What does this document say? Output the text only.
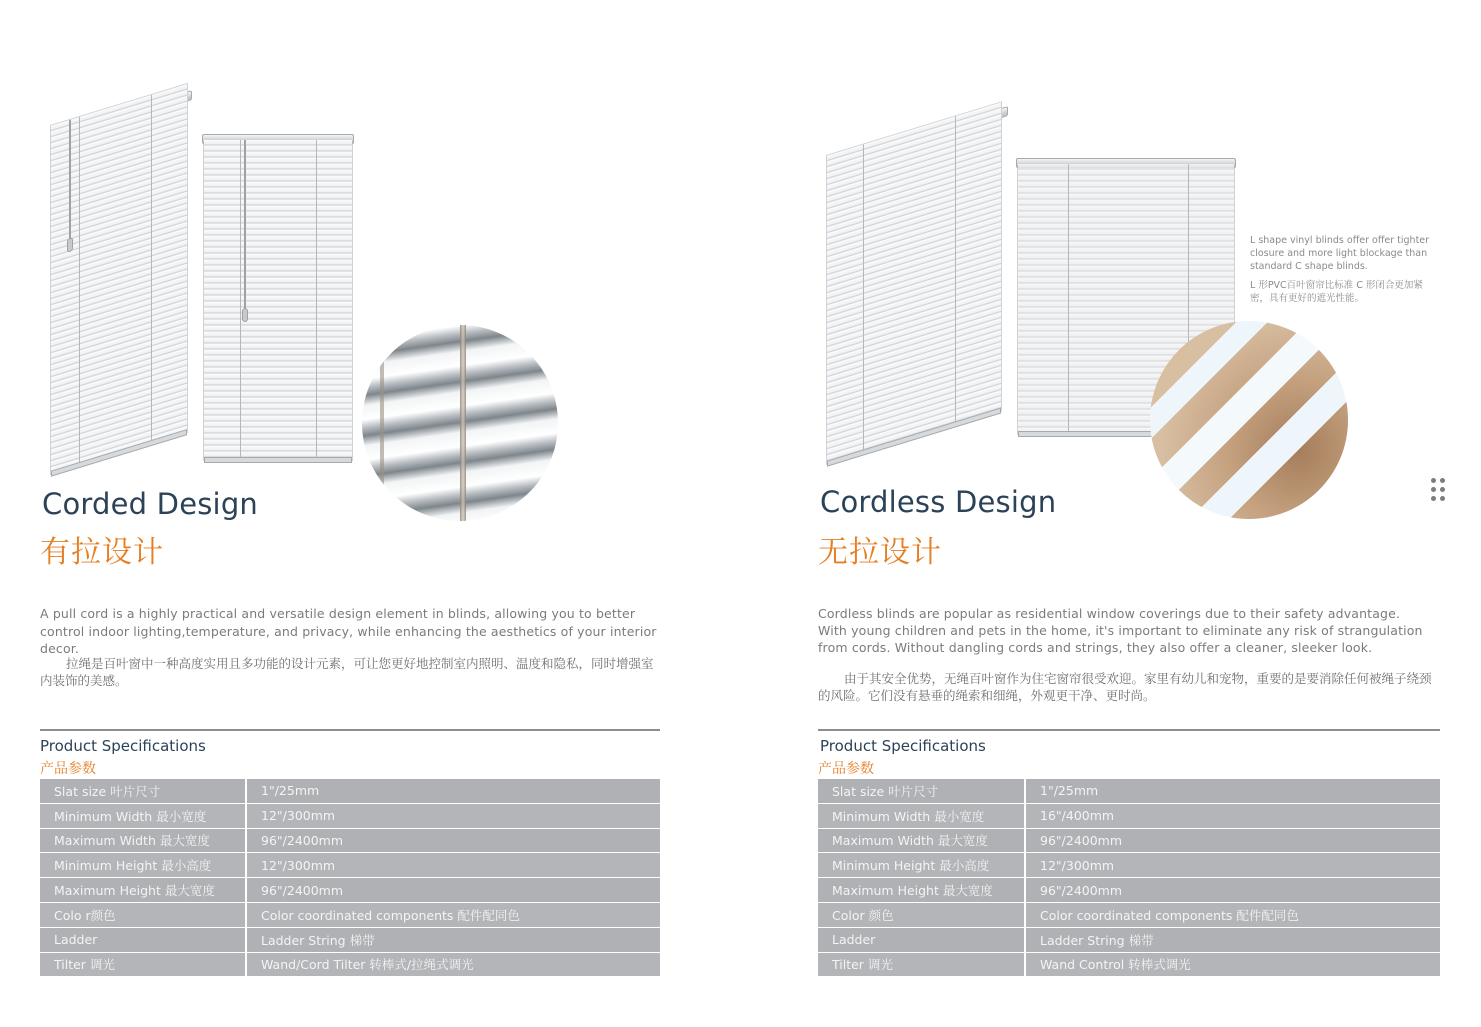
Corded Design
有拉设计
A pull cord is a highly practical and versatile design element in blinds, allowing you to better control indoor lighting,temperature, and privacy, while enhancing the aesthetics of your interior decor.
拉绳是百叶窗中一种高度实用且多功能的设计元素，可让您更好地控制室内照明、温度和隐私，同时增强室内装饰的美感。
Product Specifications
产品参数
Slat size 叶片尺寸	1"/25mm
Minimum Width 最小宽度	12"/300mm
Maximum Width 最大宽度	96"/2400mm
Minimum Height 最小高度	12"/300mm
Maximum Height 最大宽度	96"/2400mm
Colo r颜色	Color coordinated components 配件配同色
Ladder	Ladder String 梯带
Tilter 调光	Wand/Cord Tilter 转棒式/拉绳式调光

L shape vinyl blinds offer offer tighter closure and more light blockage than standard C shape blinds.

L 形PVC百叶窗帘比标准 C 形闭合更加紧密，具有更好的遮光性能。

Cordless Design
无拉设计
Cordless blinds are popular as residential window coverings due to their safety advantage. With young children and pets in the home, it's important to eliminate any risk of strangulation from cords. Without dangling cords and strings, they also offer a cleaner, sleeker look.
由于其安全优势，无绳百叶窗作为住宅窗帘很受欢迎。家里有幼儿和宠物，重要的是要消除任何被绳子绕颈的风险。它们没有悬垂的绳索和细绳，外观更干净、更时尚。
Product Specifications
产品参数
Slat size 叶片尺寸	1"/25mm
Minimum Width 最小宽度	16"/400mm
Maximum Width 最大宽度	96"/2400mm
Minimum Height 最小高度	12"/300mm
Maximum Height 最大宽度	96"/2400mm
Color 颜色	Color coordinated components 配件配同色
Ladder	Ladder String 梯带
Tilter 调光	Wand Control 转棒式调光
